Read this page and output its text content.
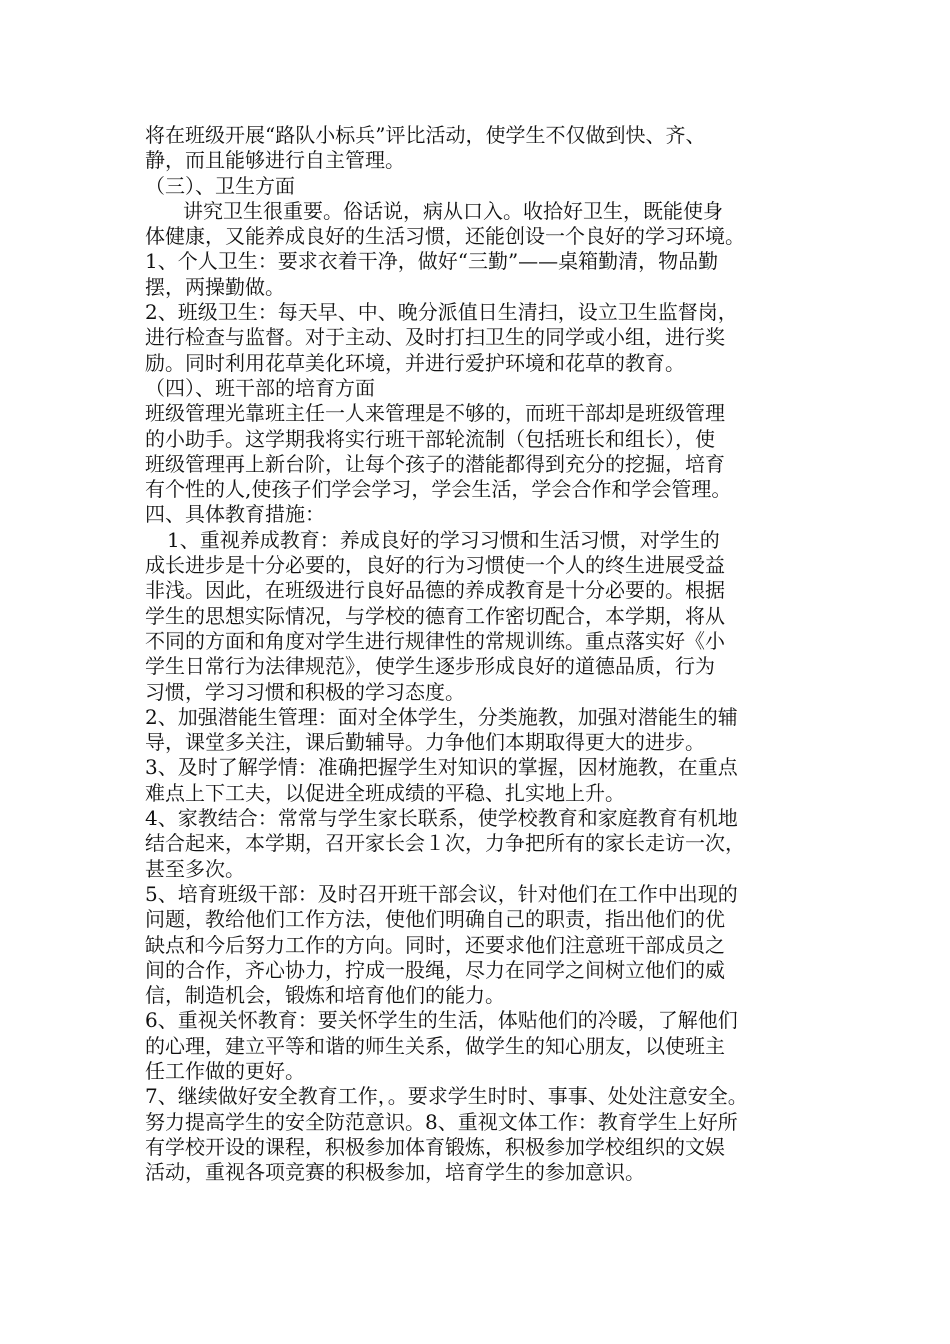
将在班级开展“路队小标兵”评比活动，使学生不仅做到快、齐、
静，而且能够进行自主管理。
（三）、卫生方面
讲究卫生很重要。俗话说，病从口入。收拾好卫生，既能使身
体健康，又能养成良好的生活习惯，还能创设一个良好的学习环境。
1、个人卫生：要求衣着干净，做好“三勤”——桌箱勤清，物品勤
摆，两操勤做。
2、班级卫生：每天早、中、晚分派值日生清扫，设立卫生监督岗，
进行检查与监督。对于主动、及时打扫卫生的同学或小组，进行奖
励。同时利用花草美化环境，并进行爱护环境和花草的教育。
（四）、班干部的培育方面
班级管理光靠班主任一人来管理是不够的，而班干部却是班级管理
的小助手。这学期我将实行班干部轮流制（包括班长和组长），使
班级管理再上新台阶，让每个孩子的潜能都得到充分的挖掘，培育
有个性的人,使孩子们学会学习，学会生活，学会合作和学会管理。
四、具体教育措施：
1、重视养成教育：养成良好的学习习惯和生活习惯，对学生的
成长进步是十分必要的，良好的行为习惯使一个人的终生进展受益
非浅。因此，在班级进行良好品德的养成教育是十分必要的。根据
学生的思想实际情况，与学校的德育工作密切配合，本学期，将从
不同的方面和角度对学生进行规律性的常规训练。重点落实好《小
学生日常行为法律规范》，使学生逐步形成良好的道德品质，行为
习惯，学习习惯和积极的学习态度。
2、加强潜能生管理：面对全体学生，分类施教，加强对潜能生的辅
导，课堂多关注，课后勤辅导。力争他们本期取得更大的进步。
3、及时了解学情：准确把握学生对知识的掌握，因材施教，在重点
难点上下工夫，以促进全班成绩的平稳、扎实地上升。
4、家教结合：常常与学生家长联系，使学校教育和家庭教育有机地
结合起来，本学期，召开家长会１次，力争把所有的家长走访一次，
甚至多次。
5、培育班级干部：及时召开班干部会议，针对他们在工作中出现的
问题，教给他们工作方法，使他们明确自己的职责，指出他们的优
缺点和今后努力工作的方向。同时，还要求他们注意班干部成员之
间的合作，齐心协力，拧成一股绳，尽力在同学之间树立他们的威
信，制造机会，锻炼和培育他们的能力。
6、重视关怀教育：要关怀学生的生活，体贴他们的冷暖，了解他们
的心理，建立平等和谐的师生关系，做学生的知心朋友，以使班主
任工作做的更好。
7、继续做好安全教育工作，。要求学生时时、事事、处处注意安全。
努力提高学生的安全防范意识。8、重视文体工作：教育学生上好所
有学校开设的课程，积极参加体育锻炼，积极参加学校组织的文娱
活动，重视各项竞赛的积极参加，培育学生的参加意识。
